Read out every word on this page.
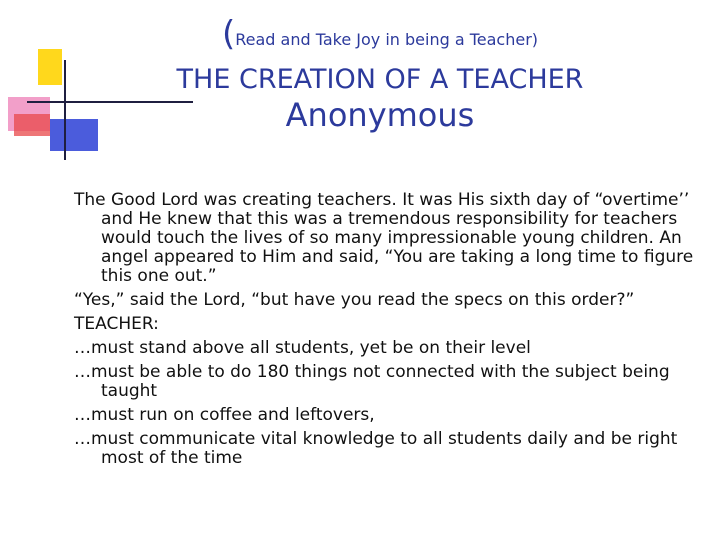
(Read and Take Joy in being a Teacher)
THE CREATION OF A TEACHER
Anonymous

The Good Lord was creating teachers. It was His sixth day of “overtime’’ and He knew that this was a tremendous responsibility for teachers would touch the lives of so many impressionable young children. An angel appeared to Him and said, “You are taking a long time to figure this one out.”

“Yes,” said the Lord, “but have you read the specs on this order?”

TEACHER:

…must stand above all students, yet be on their level

…must be able to do 180 things not connected with the subject being taught

…must run on coffee and leftovers,

…must communicate vital knowledge to all students daily and be right most of the time
